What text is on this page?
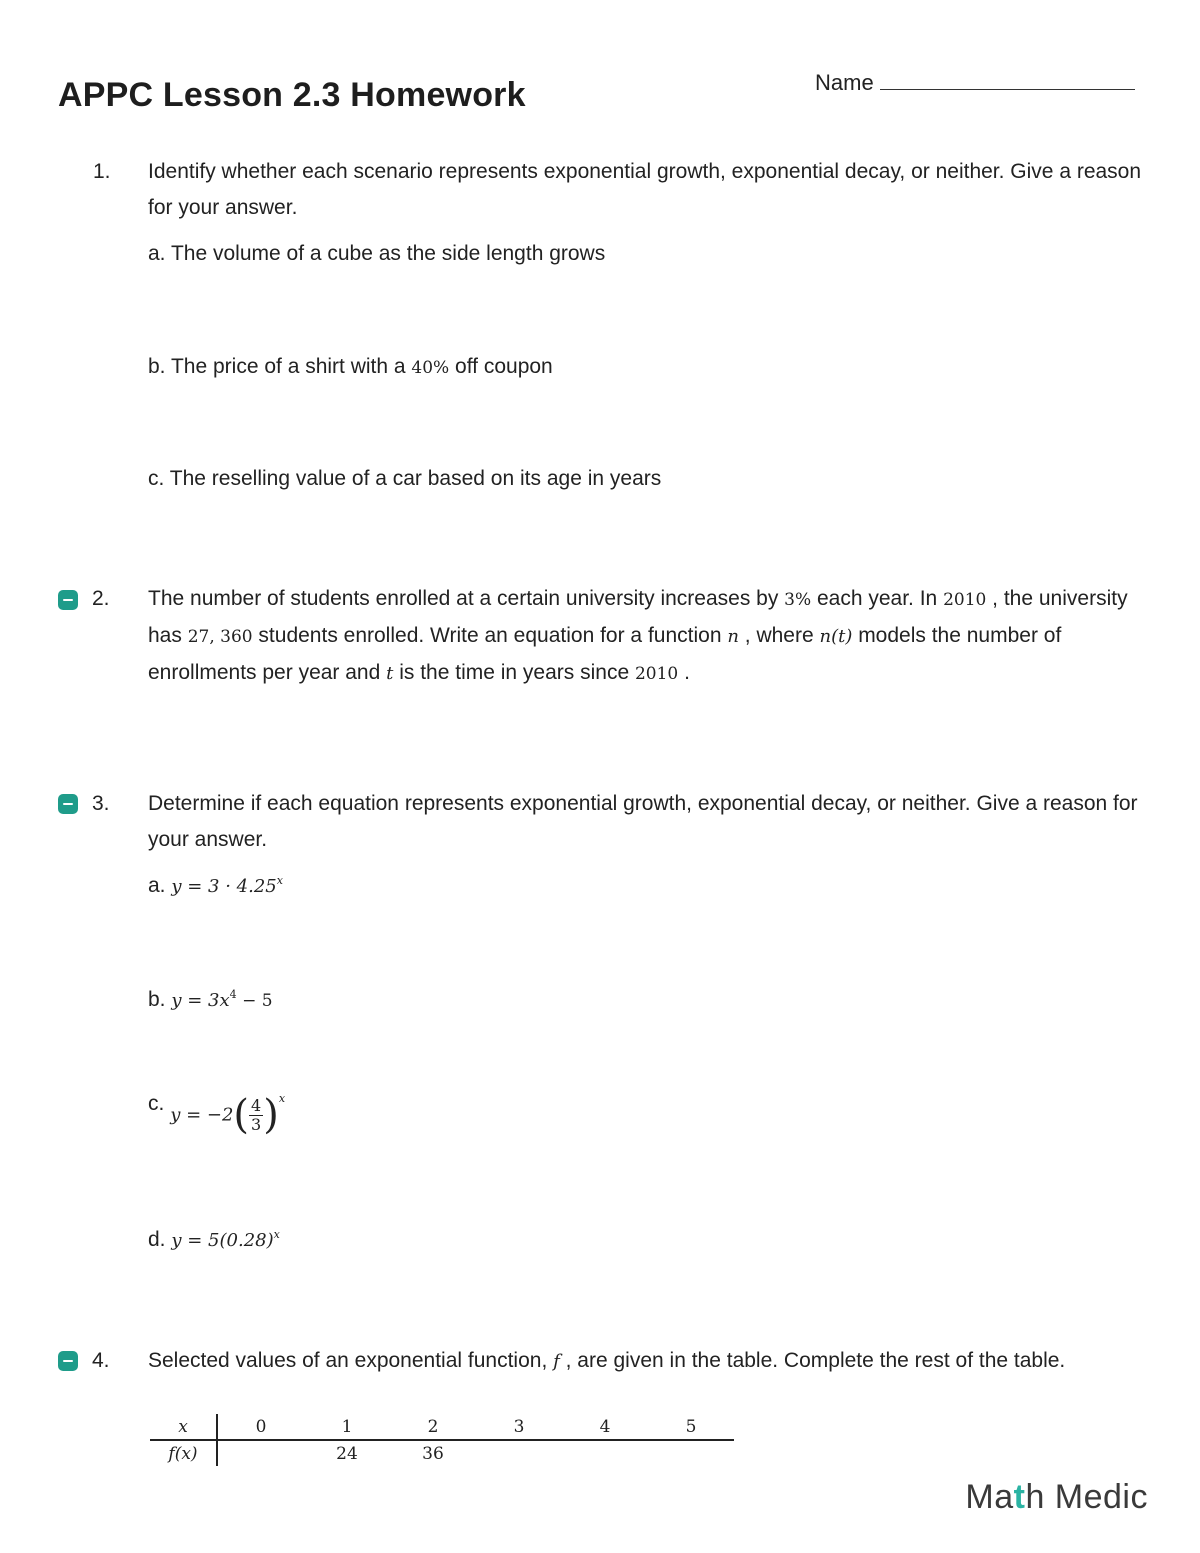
APPC Lesson 2.3 Homework	Name
1. Identify whether each scenario represents exponential growth, exponential decay, or neither. Give a reason for your answer.
a. The volume of a cube as the side length grows
b. The price of a shirt with a 40% off coupon
c. The reselling value of a car based on its age in years
2. The number of students enrolled at a certain university increases by 3% each year. In 2010 , the university has 27, 360 students enrolled. Write an equation for a function n , where n(t) models the number of enrollments per year and t is the time in years since 2010 .
3. Determine if each equation represents exponential growth, exponential decay, or neither. Give a reason for your answer.
a. $y = 3 \cdot 4.25^x$
b. $y = 3x^4 - 5$
c. $y = -2( \frac{4}{3} )^x$
d. $y = 5(0.28)^x$
4. Selected values of an exponential function, f , are given in the table. Complete the rest of the table.
x	0	1	2	3	4	5
f(x)		24	36			
Math Medic
